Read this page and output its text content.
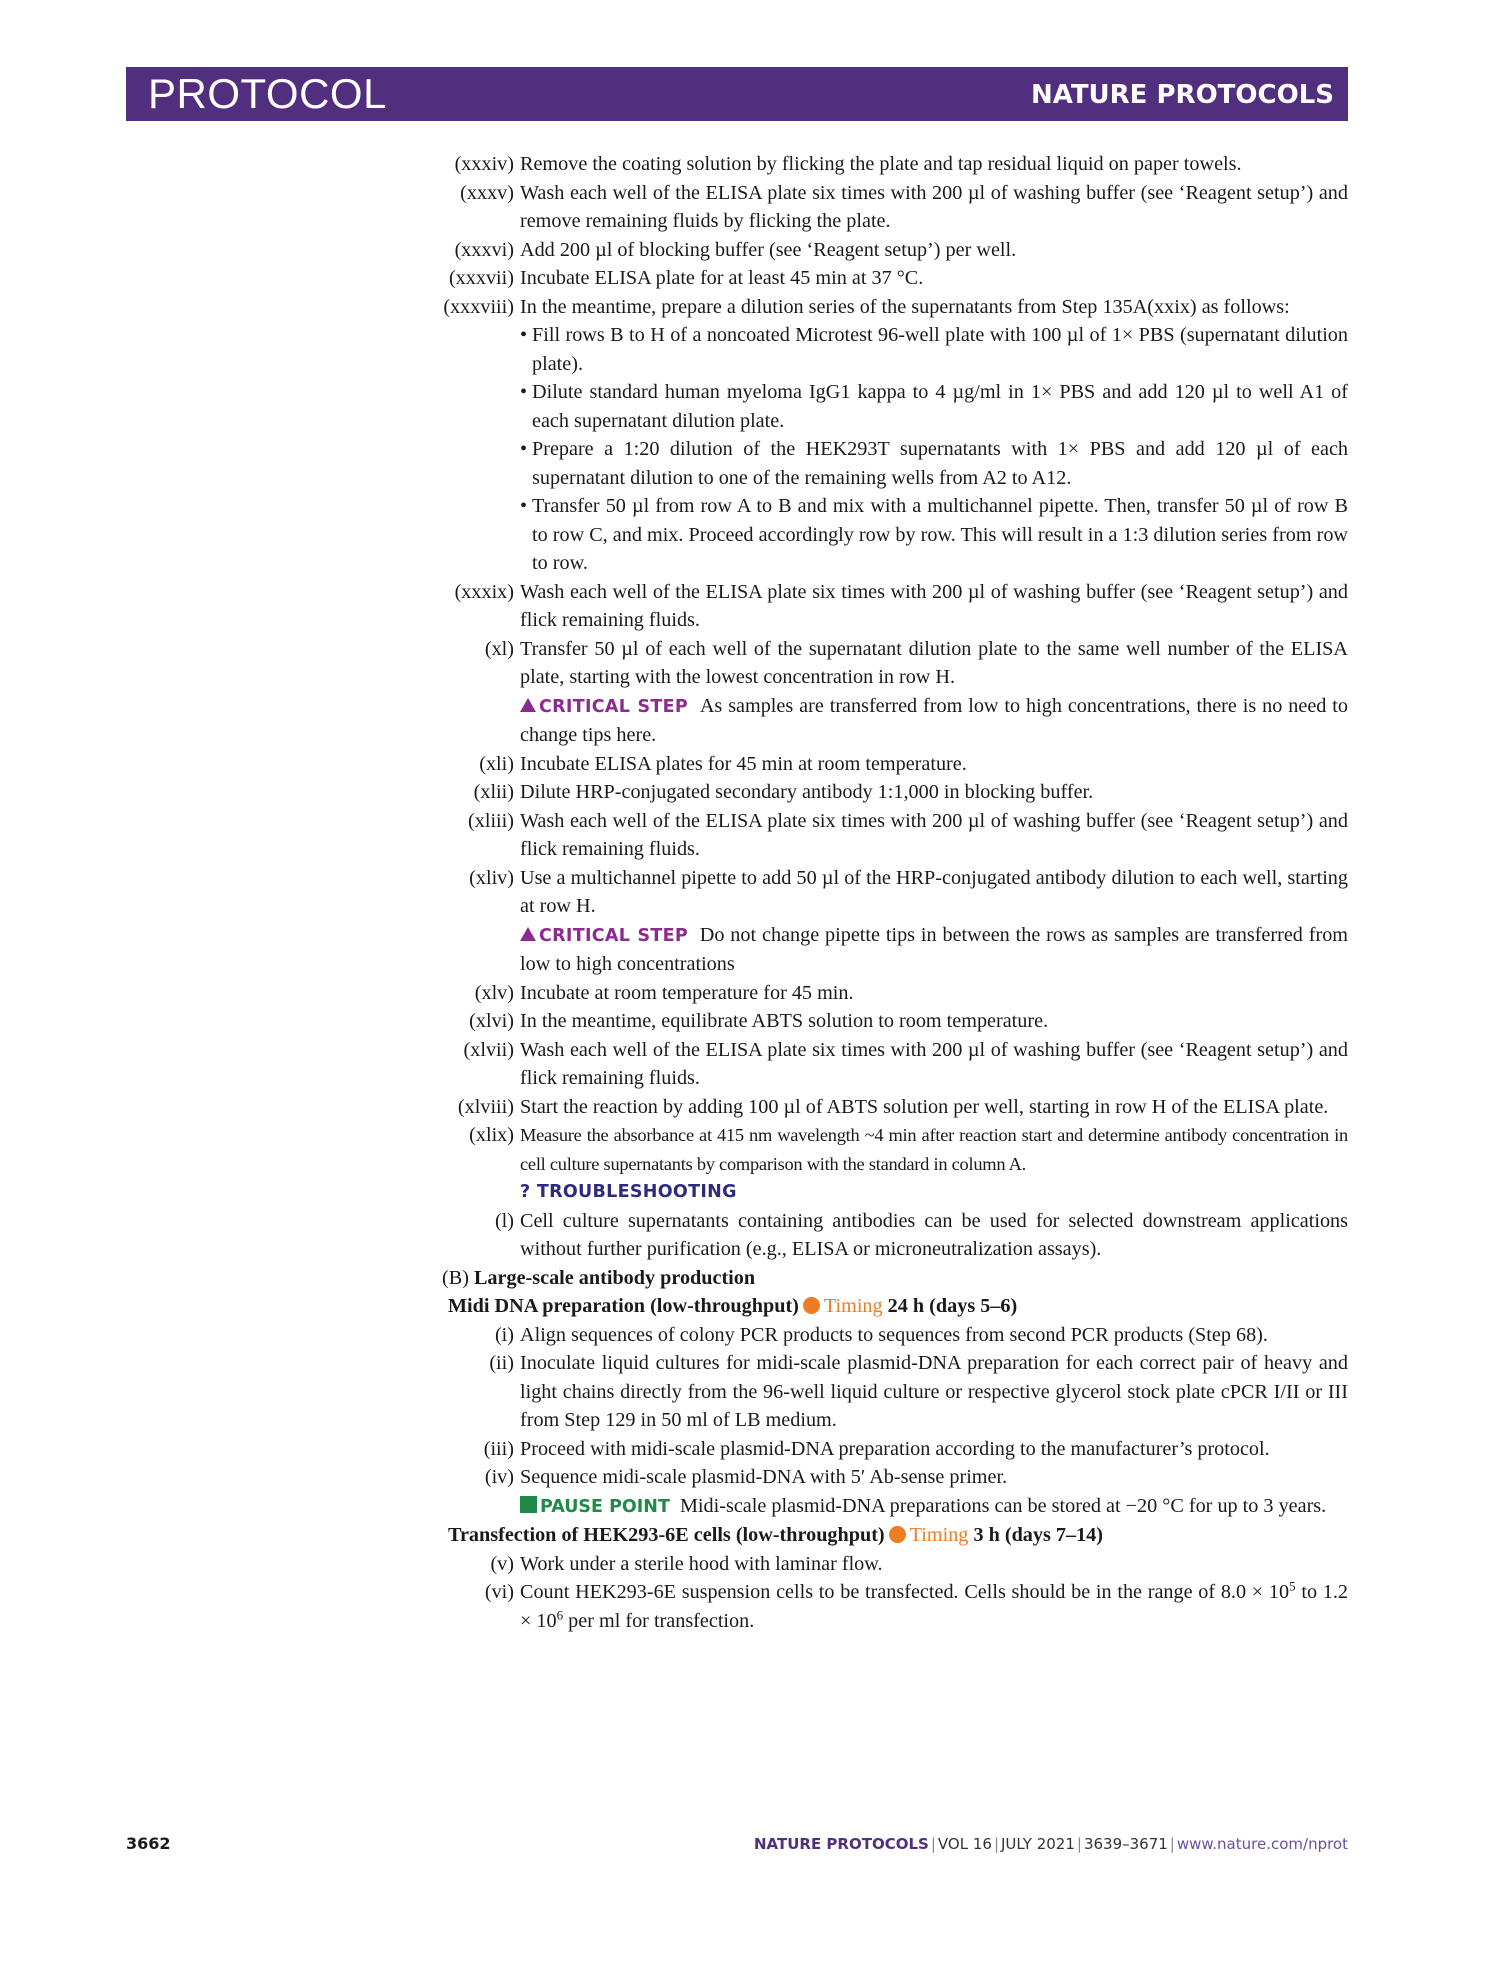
PROTOCOL	NATURE PROTOCOLS
(xxxiv) Remove the coating solution by flicking the plate and tap residual liquid on paper towels.
(xxxv) Wash each well of the ELISA plate six times with 200 µl of washing buffer (see ‘Reagent setup’) and remove remaining fluids by flicking the plate.
(xxxvi) Add 200 µl of blocking buffer (see ‘Reagent setup’) per well.
(xxxvii) Incubate ELISA plate for at least 45 min at 37 °C.
(xxxviii) In the meantime, prepare a dilution series of the supernatants from Step 135A(xxix) as follows:
• Fill rows B to H of a noncoated Microtest 96-well plate with 100 µl of 1× PBS (supernatant dilution plate).
• Dilute standard human myeloma IgG1 kappa to 4 µg/ml in 1× PBS and add 120 µl to well A1 of each supernatant dilution plate.
• Prepare a 1:20 dilution of the HEK293T supernatants with 1× PBS and add 120 µl of each supernatant dilution to one of the remaining wells from A2 to A12.
• Transfer 50 µl from row A to B and mix with a multichannel pipette. Then, transfer 50 µl of row B to row C, and mix. Proceed accordingly row by row. This will result in a 1:3 dilution series from row to row.
(xxxix) Wash each well of the ELISA plate six times with 200 µl of washing buffer (see ‘Reagent setup’) and flick remaining fluids.
(xl) Transfer 50 µl of each well of the supernatant dilution plate to the same well number of the ELISA plate, starting with the lowest concentration in row H.
CRITICAL STEP As samples are transferred from low to high concentrations, there is no need to change tips here.
(xli) Incubate ELISA plates for 45 min at room temperature.
(xlii) Dilute HRP-conjugated secondary antibody 1:1,000 in blocking buffer.
(xliii) Wash each well of the ELISA plate six times with 200 µl of washing buffer (see ‘Reagent setup’) and flick remaining fluids.
(xliv) Use a multichannel pipette to add 50 µl of the HRP-conjugated antibody dilution to each well, starting at row H.
CRITICAL STEP Do not change pipette tips in between the rows as samples are transferred from low to high concentrations
(xlv) Incubate at room temperature for 45 min.
(xlvi) In the meantime, equilibrate ABTS solution to room temperature.
(xlvii) Wash each well of the ELISA plate six times with 200 µl of washing buffer (see ‘Reagent setup’) and flick remaining fluids.
(xlviii) Start the reaction by adding 100 µl of ABTS solution per well, starting in row H of the ELISA plate.
(xlix) Measure the absorbance at 415 nm wavelength ~4 min after reaction start and determine antibody concentration in cell culture supernatants by comparison with the standard in column A.
? TROUBLESHOOTING
(l) Cell culture supernatants containing antibodies can be used for selected downstream applications without further purification (e.g., ELISA or microneutralization assays).
(B) Large-scale antibody production
Midi DNA preparation (low-throughput) Timing 24 h (days 5–6)
(i) Align sequences of colony PCR products to sequences from second PCR products (Step 68).
(ii) Inoculate liquid cultures for midi-scale plasmid-DNA preparation for each correct pair of heavy and light chains directly from the 96-well liquid culture or respective glycerol stock plate cPCR I/II or III from Step 129 in 50 ml of LB medium.
(iii) Proceed with midi-scale plasmid-DNA preparation according to the manufacturer’s protocol.
(iv) Sequence midi-scale plasmid-DNA with 5′ Ab-sense primer.
PAUSE POINT Midi-scale plasmid-DNA preparations can be stored at −20 °C for up to 3 years.
Transfection of HEK293-6E cells (low-throughput) Timing 3 h (days 7–14)
(v) Work under a sterile hood with laminar flow.
(vi) Count HEK293-6E suspension cells to be transfected. Cells should be in the range of $8.0 \times 10^5$ to $1.2 \times 10^6$ per ml for transfection.
3662	NATURE PROTOCOLS | VOL 16 | JULY 2021 | 3639–3671 | www.nature.com/nprot
